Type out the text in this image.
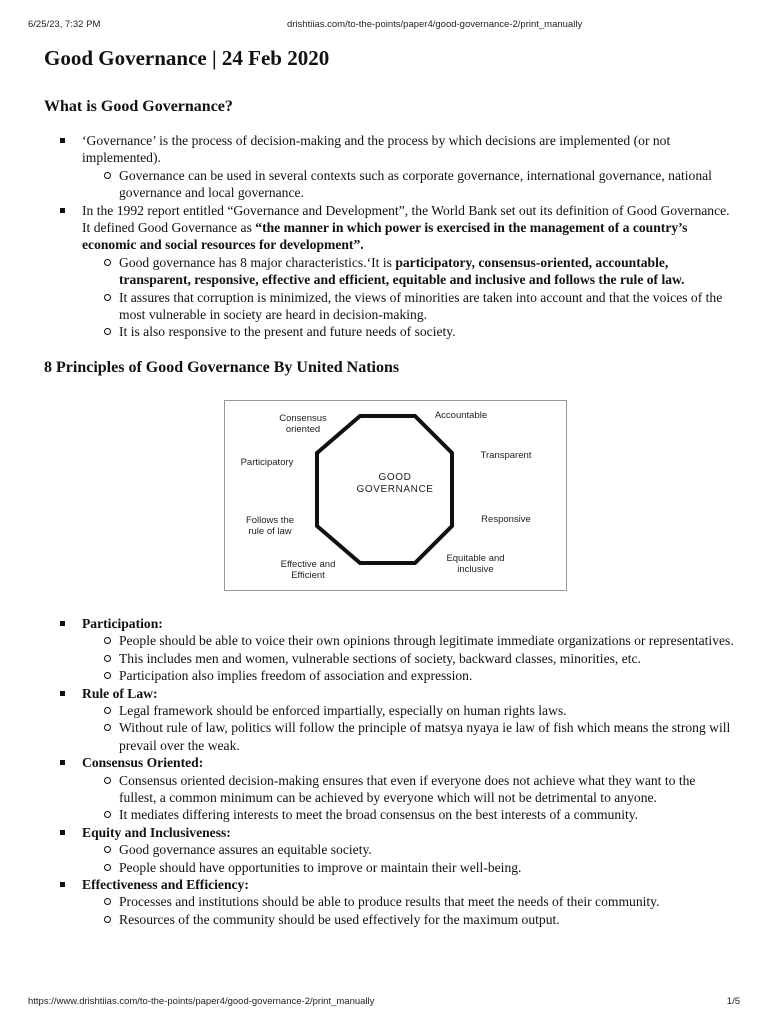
6/25/23, 7:32 PM	drishtiias.com/to-the-points/paper4/good-governance-2/print_manually
Good Governance | 24 Feb 2020
What is Good Governance?
‘Governance’ is the process of decision-making and the process by which decisions are implemented (or not implemented).
Governance can be used in several contexts such as corporate governance, international governance, national governance and local governance.
In the 1992 report entitled “Governance and Development”, the World Bank set out its definition of Good Governance. It defined Good Governance as “the manner in which power is exercised in the management of a country’s economic and social resources for development”.
Good governance has 8 major characteristics.‘It is participatory, consensus-oriented, accountable, transparent, responsive, effective and efficient, equitable and inclusive and follows the rule of law.
It assures that corruption is minimized, the views of minorities are taken into account and that the voices of the most vulnerable in society are heard in decision-making.
It is also responsive to the present and future needs of society.
8 Principles of Good Governance By United Nations
GOOD
GOVERNANCE
Consensus
oriented
Accountable
Participatory
Transparent
Follows the
rule of law
Responsive
Effective and
Efficient
Equitable and
inclusive
Participation:
People should be able to voice their own opinions through legitimate immediate organizations or representatives.
This includes men and women, vulnerable sections of society, backward classes, minorities, etc.
Participation also implies freedom of association and expression.
Rule of Law:
Legal framework should be enforced impartially, especially on human rights laws.
Without rule of law, politics will follow the principle of matsya nyaya ie law of fish which means the strong will prevail over the weak.
Consensus Oriented:
Consensus oriented decision-making ensures that even if everyone does not achieve what they want to the fullest, a common minimum can be achieved by everyone which will not be detrimental to anyone.
It mediates differing interests to meet the broad consensus on the best interests of a community.
Equity and Inclusiveness:
Good governance assures an equitable society.
People should have opportunities to improve or maintain their well-being.
Effectiveness and Efficiency:
Processes and institutions should be able to produce results that meet the needs of their community.
Resources of the community should be used effectively for the maximum output.
https://www.drishtiias.com/to-the-points/paper4/good-governance-2/print_manually	1/5
